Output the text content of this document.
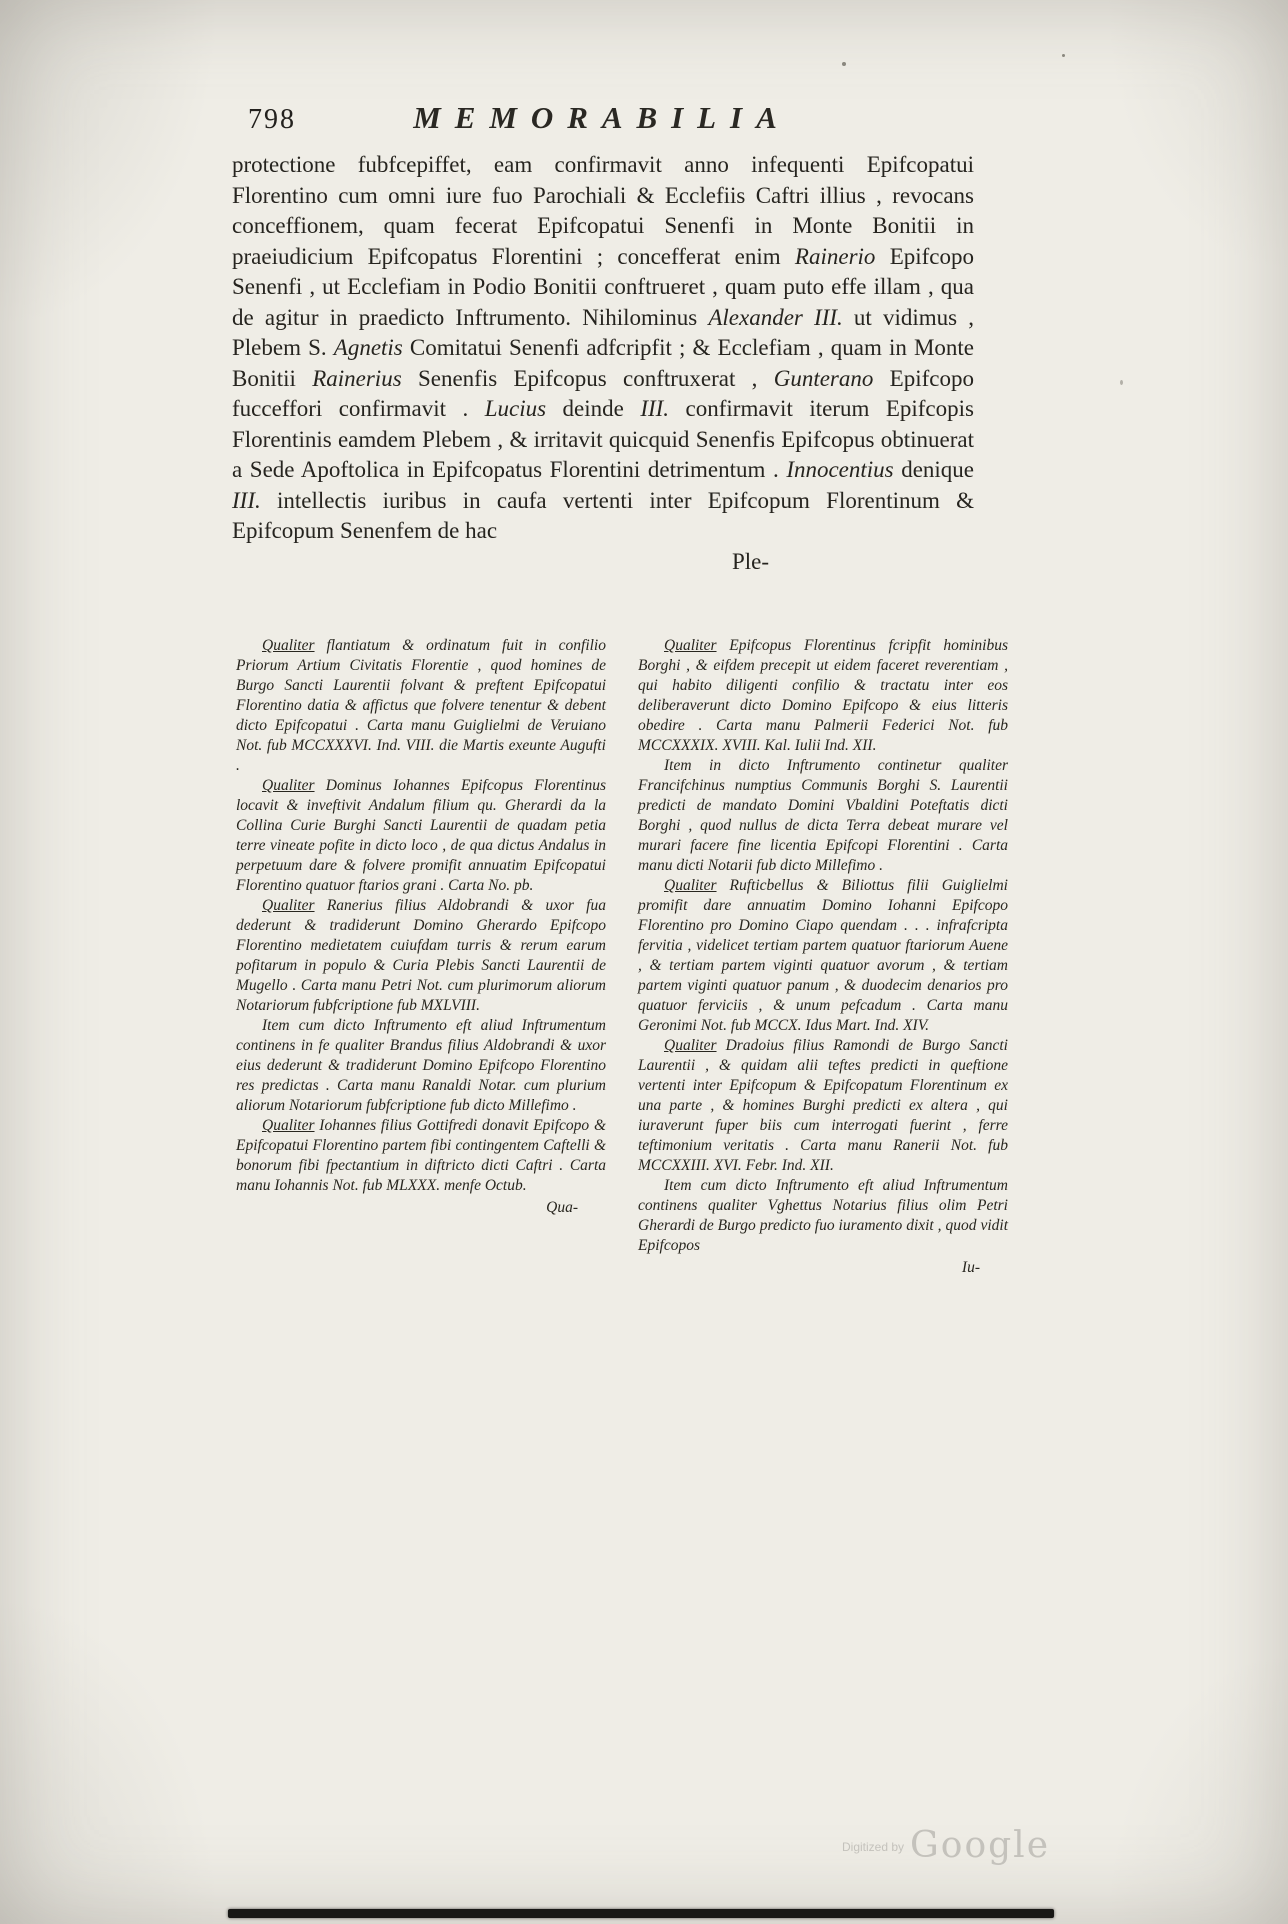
798	MEMORABILIA
protectione fubfcepiffet, eam confirmavit anno infequenti Epifcopatui Florentino cum omni iure fuo Parochiali & Ecclefiis Caftri illius , revocans conceffionem, quam fecerat Epifcopatui Senenfi in Monte Bonitii in praeiudicium Epifcopatus Florentini ; concefferat enim Rainerio Epifcopo Senenfi , ut Ecclefiam in Podio Bonitii conftrueret , quam puto effe illam , qua de agitur in praedicto Inftrumento. Nihilominus Alexander III. ut vidimus , Plebem S. Agnetis Comitatui Senenfi adfcripfit ; & Ecclefiam , quam in Monte Bonitii Rainerius Senenfis Epifcopus conftruxerat , Gunterano Epifcopo fucceffori confirmavit . Lucius deinde III. confirmavit iterum Epifcopis Florentinis eamdem Plebem , & irritavit quicquid Senenfis Epifcopus obtinuerat a Sede Apoftolica in Epifcopatus Florentini detrimentum . Innocentius denique III. intellectis iuribus in caufa vertenti inter Epifcopum Florentinum & Epifcopum Senenfem de hac
Ple-

Qualiter flantiatum & ordinatum fuit in confilio Priorum Artium Civitatis Florentie , quod homines de Burgo Sancti Laurentii folvant & preftent Epifcopatui Florentino datia & affictus que folvere tenentur & debent dicto Epifcopatui . Carta manu Guiglielmi de Veruiano Not. fub MCCXXXVI. Ind. VIII. die Martis exeunte Augufti .

Qualiter Dominus Iohannes Epifcopus Florentinus locavit & inveftivit Andalum filium qu. Gherardi da la Collina Curie Burghi Sancti Laurentii de quadam petia terre vineate pofite in dicto loco , de qua dictus Andalus in perpetuum dare & folvere promifit annuatim Epifcopatui Florentino quatuor ftarios grani . Carta No. pb.

Qualiter Ranerius filius Aldobrandi & uxor fua dederunt & tradiderunt Domino Gherardo Epifcopo Florentino medietatem cuiufdam turris & rerum earum pofitarum in populo & Curia Plebis Sancti Laurentii de Mugello . Carta manu Petri Not. cum plurimorum aliorum Notariorum fubfcriptione fub MXLVIII.

Item cum dicto Inftrumento eft aliud Inftrumentum continens in fe qualiter Brandus filius Aldobrandi & uxor eius dederunt & tradiderunt Domino Epifcopo Florentino res predictas . Carta manu Ranaldi Notar. cum plurium aliorum Notariorum fubfcriptione fub dicto Millefimo .

Qualiter Iohannes filius Gottifredi donavit Epifcopo & Epifcopatui Florentino partem fibi contingentem Caftelli & bonorum fibi fpectantium in diftricto dicti Caftri . Carta manu Iohannis Not. fub MLXXX. menfe Octub.

Qua-

Qualiter Epifcopus Florentinus fcripfit hominibus Borghi , & eifdem precepit ut eidem faceret reverentiam , qui habito diligenti confilio & tractatu inter eos deliberaverunt dicto Domino Epifcopo & eius litteris obedire . Carta manu Palmerii Federici Not. fub MCCXXXIX. XVIII. Kal. Iulii Ind. XII.

Item in dicto Inftrumento continetur qualiter Francifchinus numptius Communis Borghi S. Laurentii predicti de mandato Domini Vbaldini Poteftatis dicti Borghi , quod nullus de dicta Terra debeat murare vel murari facere fine licentia Epifcopi Florentini . Carta manu dicti Notarii fub dicto Millefimo .

Qualiter Rufticbellus & Biliottus filii Guiglielmi promifit dare annuatim Domino Iohanni Epifcopo Florentino pro Domino Ciapo quendam . . . infrafcripta fervitia , videlicet tertiam partem quatuor ftariorum Auene , & tertiam partem viginti quatuor avorum , & tertiam partem viginti quatuor panum , & duodecim denarios pro quatuor ferviciis , & unum pefcadum . Carta manu Geronimi Not. fub MCCX. Idus Mart. Ind. XIV.

Qualiter Dradoius filius Ramondi de Burgo Sancti Laurentii , & quidam alii teftes predicti in queftione vertenti inter Epifcopum & Epifcopatum Florentinum ex una parte , & homines Burghi predicti ex altera , qui iuraverunt fuper biis cum interrogati fuerint , ferre teftimonium veritatis . Carta manu Ranerii Not. fub MCCXXIII. XVI. Febr. Ind. XII.

Item cum dicto Inftrumento eft aliud Inftrumentum continens qualiter Vghettus Notarius filius olim Petri Gherardi de Burgo predicto fuo iuramento dixit , quod vidit Epifcopos

Iu-

$^{Digitized by}$ Google
